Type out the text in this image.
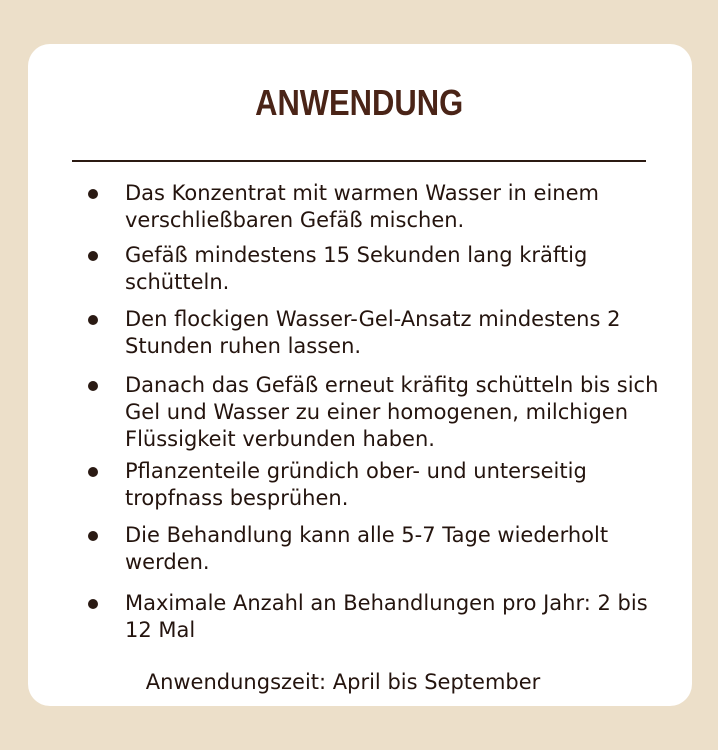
ANWENDUNG
Das Konzentrat mit warmen Wasser in einem verschließbaren Gefäß mischen.
Gefäß mindestens 15 Sekunden lang kräftig schütteln.
Den flockigen Wasser-Gel-Ansatz mindestens 2 Stunden ruhen lassen.
Danach das Gefäß erneut kräfitg schütteln bis sich Gel und Wasser zu einer homogenen, milchigen Flüssigkeit verbunden haben.
Pflanzenteile gründich ober- und unterseitig tropfnass besprühen.
Die Behandlung kann alle 5-7 Tage wiederholt werden.
Maximale Anzahl an Behandlungen pro Jahr: 2 bis 12 Mal
Anwendungszeit: April bis September
